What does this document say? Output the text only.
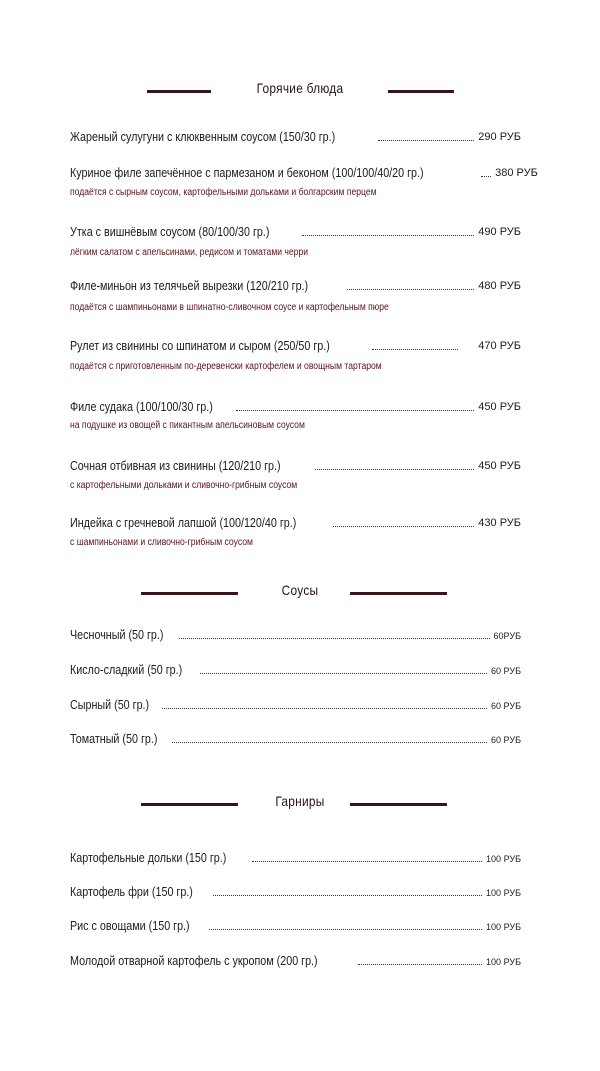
Горячие блюда
Жареный сулугуни с клюквенным соусом (150/30 гр.)	290 РУБ
Куриное филе запечённое с пармезаном и беконом (100/100/40/20 гр.)	380 РУБ
подаётся с сырным соусом, картофельными дольками и болгарским перцем
Утка с вишнёвым соусом (80/100/30 гр.)	490 РУБ
лёгким салатом с апельсинами, редисом и томатами черри
Филе-миньон из телячьей вырезки (120/210 гр.)	480 РУБ
подаётся с шампиньонами в шпинатно-сливочном соусе и картофельным пюре
Рулет из свинины со шпинатом и сыром (250/50 гр.)	470 РУБ
подаётся с приготовленным по-деревенски картофелем и овощным тартаром
Филе судака (100/100/30 гр.)	450 РУБ
на подушке из овощей с пикантным апельсиновым соусом
Сочная отбивная из свинины (120/210 гр.)	450 РУБ
с картофельными дольками и сливочно-грибным соусом
Индейка с гречневой лапшой (100/120/40 гр.)	430 РУБ
с шампиньонами и сливочно-грибным соусом
Соусы
Чесночный (50 гр.)	60РУБ
Кисло-сладкий (50 гр.)	60 РУБ
Сырный (50 гр.)	60 РУБ
Томатный (50 гр.)	60 РУБ
Гарниры
Картофельные дольки (150 гр.)	100 РУБ
Картофель фри (150 гр.)	100 РУБ
Рис с овощами (150 гр.)	100 РУБ
Молодой отварной картофель с укропом (200 гр.)	100 РУБ
